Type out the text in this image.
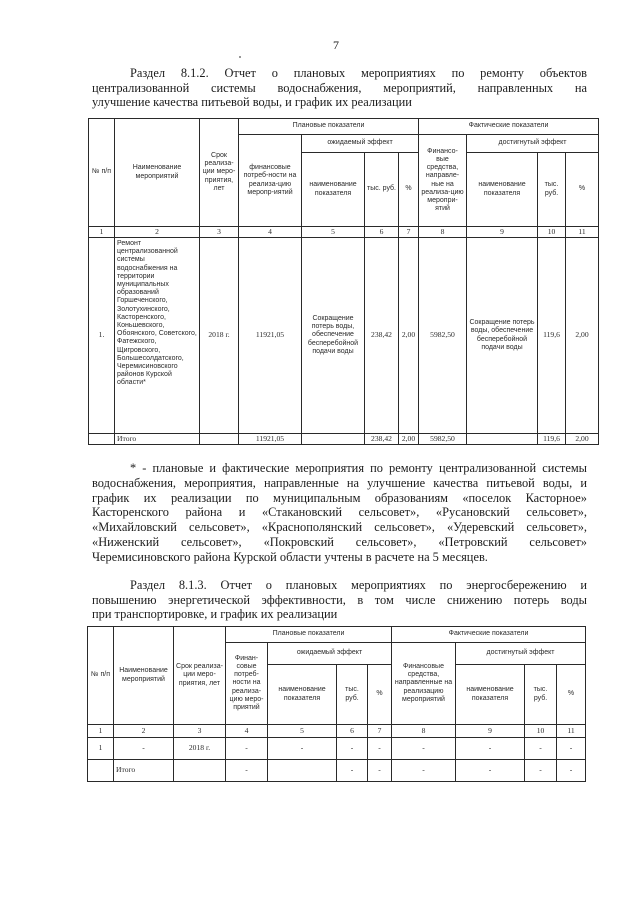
7
Раздел 8.1.2. Отчет о плановых мероприятиях по ремонту объектов
централизованной системы водоснабжения, мероприятий, направленных на
улучшение качества питьевой воды, и график их реализации
№ п/п	Наименование мероприятий	Срок реализа-ции меро-приятия, лет	Плановые показатели				Фактические показатели			
			финансовые потреб-ности на реализа-цию меропр-иятий	ожидаемый эффект			Финансо-вые средства, направле-ные на реализа-цию меропри-ятий	достигнутый эффект		
				наименование показателя	тыс. руб.	%		наименование показателя	тыс. руб.	%
1	2	3	4	5	6	7	8	9	10	11
1.	Ремонт централизованной системы водоснабжения на территории муниципальных образований Горшеченского, Золотухинского, Касторенского, Коньшевского, Обоянского, Советского, Фатежского, Щигровского, Большесолдатского, Черемисиновского районов Курской области*	2018 г.	11921,05	Сокращение потерь воды, обеспечение бесперебойной подачи воды	238,42	2,00	5982,50	Сокращение потерь воды, обеспечение бесперебойной подачи воды	119,6	2,00
	Итого		11921,05		238,42	2,00	5982,50		119,6	2,00
* - плановые и фактические мероприятия по ремонту централизованной системы
водоснабжения, мероприятия, направленные на улучшение качества питьевой воды, и
график их реализации по муниципальным образованиям «поселок Касторное»
Касторенского района и «Стакановский сельсовет», «Русановский сельсовет»,
«Михайловский сельсовет», «Краснополянский сельсовет», «Удеревский сельсовет»,
«Ниженский сельсовет», «Покровский сельсовет», «Петровский сельсовет»
Черемисиновского района Курской области учтены в расчете на 5 месяцев.
Раздел 8.1.3. Отчет о плановых мероприятиях по энергосбережению и
повышению энергетической эффективности, в том числе снижению потерь воды
при транспортировке, и график их реализации
№ п/п	Наименование мероприятий	Срок реализа-ции меро-приятия, лет	Плановые показатели				Фактические показатели			
			Финан-совые потреб-ности на реализа-цию меро-приятий	ожидаемый эффект			Финансовые средства, направленные на реализацию мероприятий	достигнутый эффект		
				наименование показателя	тыс. руб.	%		наименование показателя	тыс. руб.	%
1	2	3	4	5	6	7	8	9	10	11
1	-	2018 г.	-	-	-	-	-	-	-	-
	Итого		-		-	-	-	-	-	-
